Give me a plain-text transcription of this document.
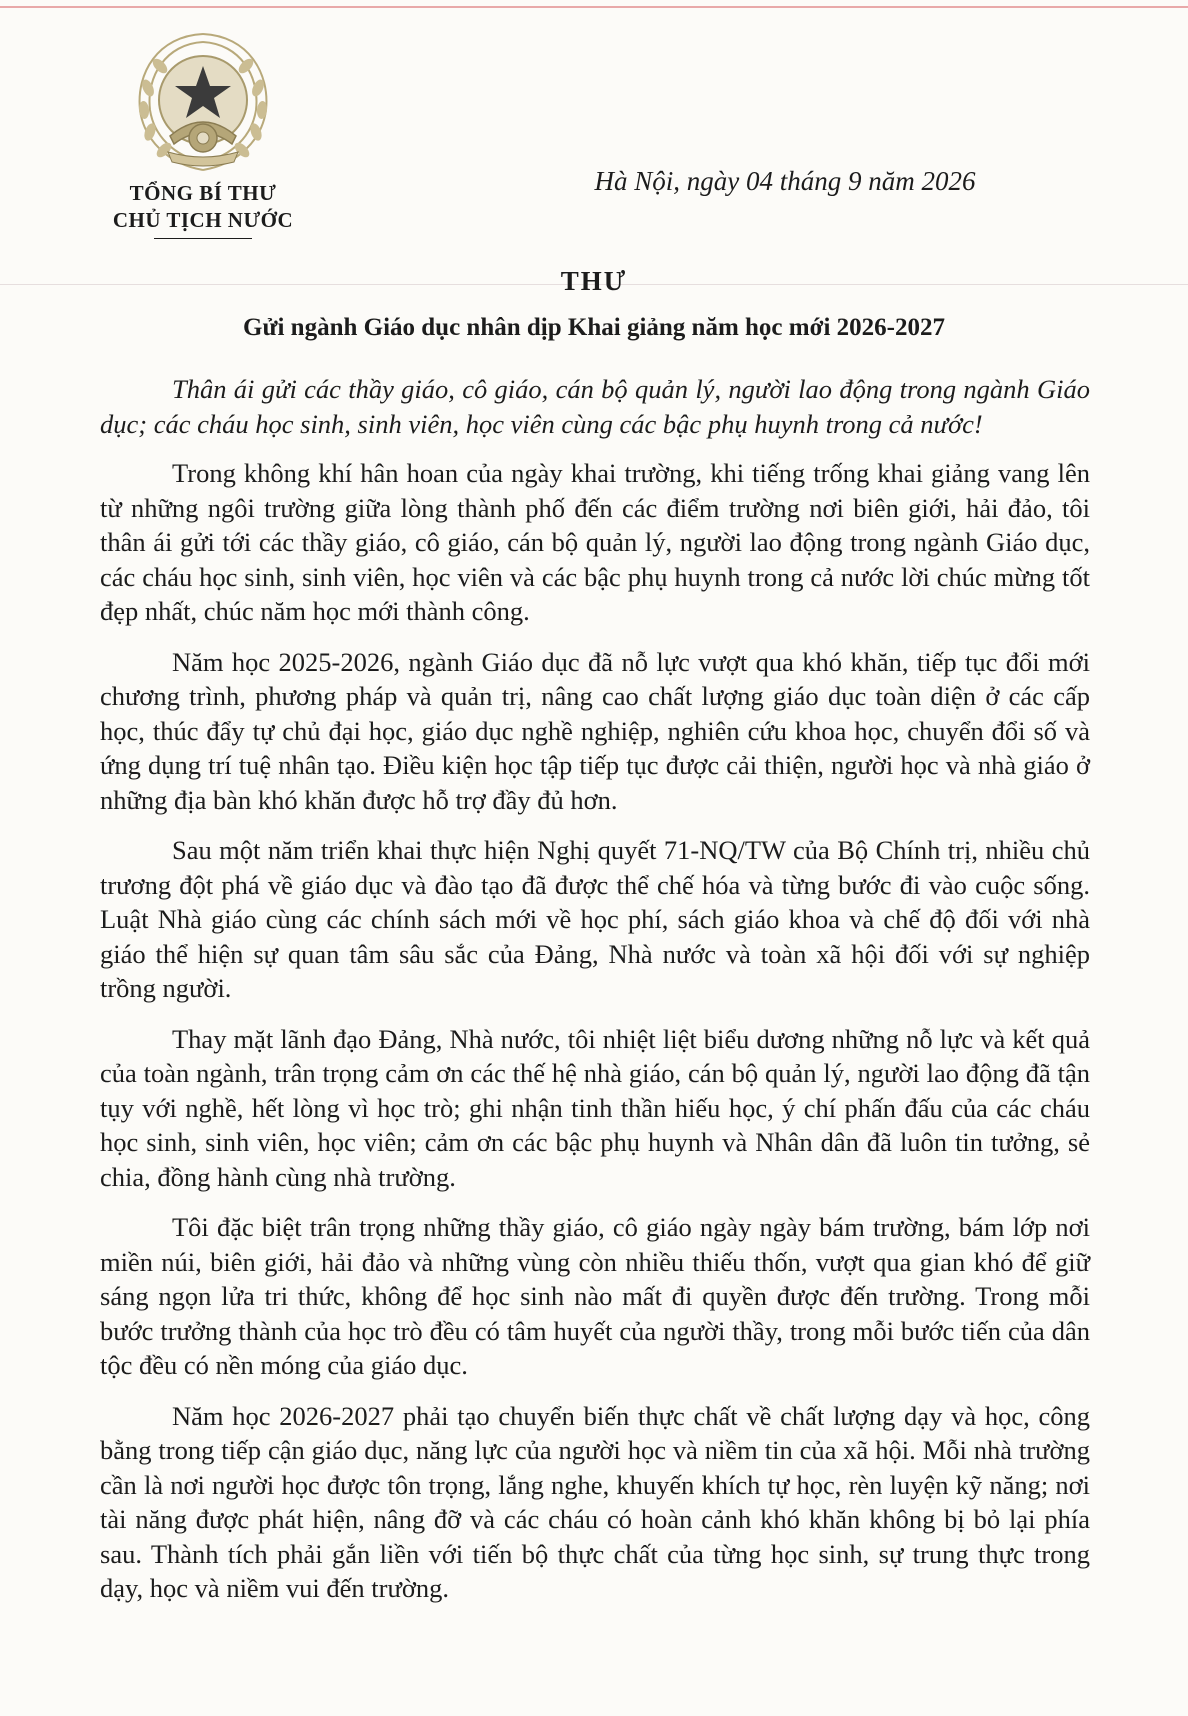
TỔNG BÍ THƯ
CHỦ TỊCH NƯỚC
Hà Nội, ngày 04 tháng 9 năm 2026
THƯ
Gửi ngành Giáo dục nhân dịp Khai giảng năm học mới 2026-2027

Thân ái gửi các thầy giáo, cô giáo, cán bộ quản lý, người lao động trong ngành Giáo dục; các cháu học sinh, sinh viên, học viên cùng các bậc phụ huynh trong cả nước!

Trong không khí hân hoan của ngày khai trường, khi tiếng trống khai giảng vang lên từ những ngôi trường giữa lòng thành phố đến các điểm trường nơi biên giới, hải đảo, tôi thân ái gửi tới các thầy giáo, cô giáo, cán bộ quản lý, người lao động trong ngành Giáo dục, các cháu học sinh, sinh viên, học viên và các bậc phụ huynh trong cả nước lời chúc mừng tốt đẹp nhất, chúc năm học mới thành công.

Năm học 2025-2026, ngành Giáo dục đã nỗ lực vượt qua khó khăn, tiếp tục đổi mới chương trình, phương pháp và quản trị, nâng cao chất lượng giáo dục toàn diện ở các cấp học, thúc đẩy tự chủ đại học, giáo dục nghề nghiệp, nghiên cứu khoa học, chuyển đổi số và ứng dụng trí tuệ nhân tạo. Điều kiện học tập tiếp tục được cải thiện, người học và nhà giáo ở những địa bàn khó khăn được hỗ trợ đầy đủ hơn.

Sau một năm triển khai thực hiện Nghị quyết 71-NQ/TW của Bộ Chính trị, nhiều chủ trương đột phá về giáo dục và đào tạo đã được thể chế hóa và từng bước đi vào cuộc sống. Luật Nhà giáo cùng các chính sách mới về học phí, sách giáo khoa và chế độ đối với nhà giáo thể hiện sự quan tâm sâu sắc của Đảng, Nhà nước và toàn xã hội đối với sự nghiệp trồng người.

Thay mặt lãnh đạo Đảng, Nhà nước, tôi nhiệt liệt biểu dương những nỗ lực và kết quả của toàn ngành, trân trọng cảm ơn các thế hệ nhà giáo, cán bộ quản lý, người lao động đã tận tụy với nghề, hết lòng vì học trò; ghi nhận tinh thần hiếu học, ý chí phấn đấu của các cháu học sinh, sinh viên, học viên; cảm ơn các bậc phụ huynh và Nhân dân đã luôn tin tưởng, sẻ chia, đồng hành cùng nhà trường.

Tôi đặc biệt trân trọng những thầy giáo, cô giáo ngày ngày bám trường, bám lớp nơi miền núi, biên giới, hải đảo và những vùng còn nhiều thiếu thốn, vượt qua gian khó để giữ sáng ngọn lửa tri thức, không để học sinh nào mất đi quyền được đến trường. Trong mỗi bước trưởng thành của học trò đều có tâm huyết của người thầy, trong mỗi bước tiến của dân tộc đều có nền móng của giáo dục.

Năm học 2026-2027 phải tạo chuyển biến thực chất về chất lượng dạy và học, công bằng trong tiếp cận giáo dục, năng lực của người học và niềm tin của xã hội. Mỗi nhà trường cần là nơi người học được tôn trọng, lắng nghe, khuyến khích tự học, rèn luyện kỹ năng; nơi tài năng được phát hiện, nâng đỡ và các cháu có hoàn cảnh khó khăn không bị bỏ lại phía sau. Thành tích phải gắn liền với tiến bộ thực chất của từng học sinh, sự trung thực trong dạy, học và niềm vui đến trường.
